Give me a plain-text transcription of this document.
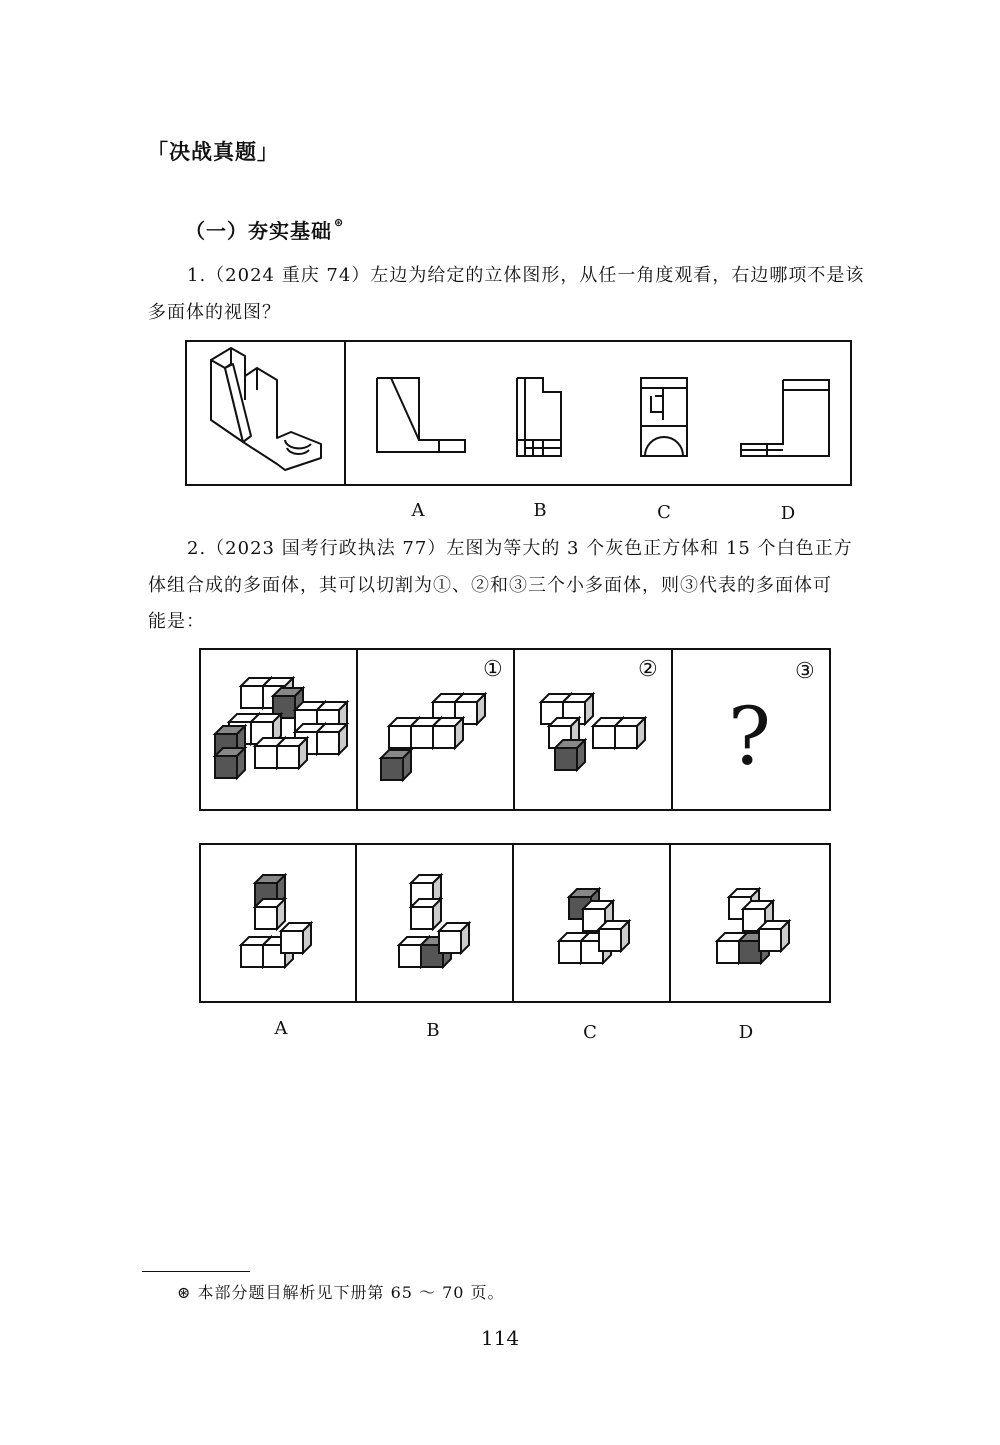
「决战真题」
（一）夯实基础 ⊛
1.（2024 重庆 74）左边为给定的立体图形，从任一角度观看，右边哪项不是该
多面体的视图？
A	B	C	D
2.（2023 国考行政执法 77）左图为等大的 3 个灰色正方体和 15 个白色正方
体组合成的多面体，其可以切割为①、②和③三个小多面体，则③代表的多面体可
能是：
①	②	③
?
A	B	C	D
⊛ 本部分题目解析见下册第 65 ～ 70 页。
114
